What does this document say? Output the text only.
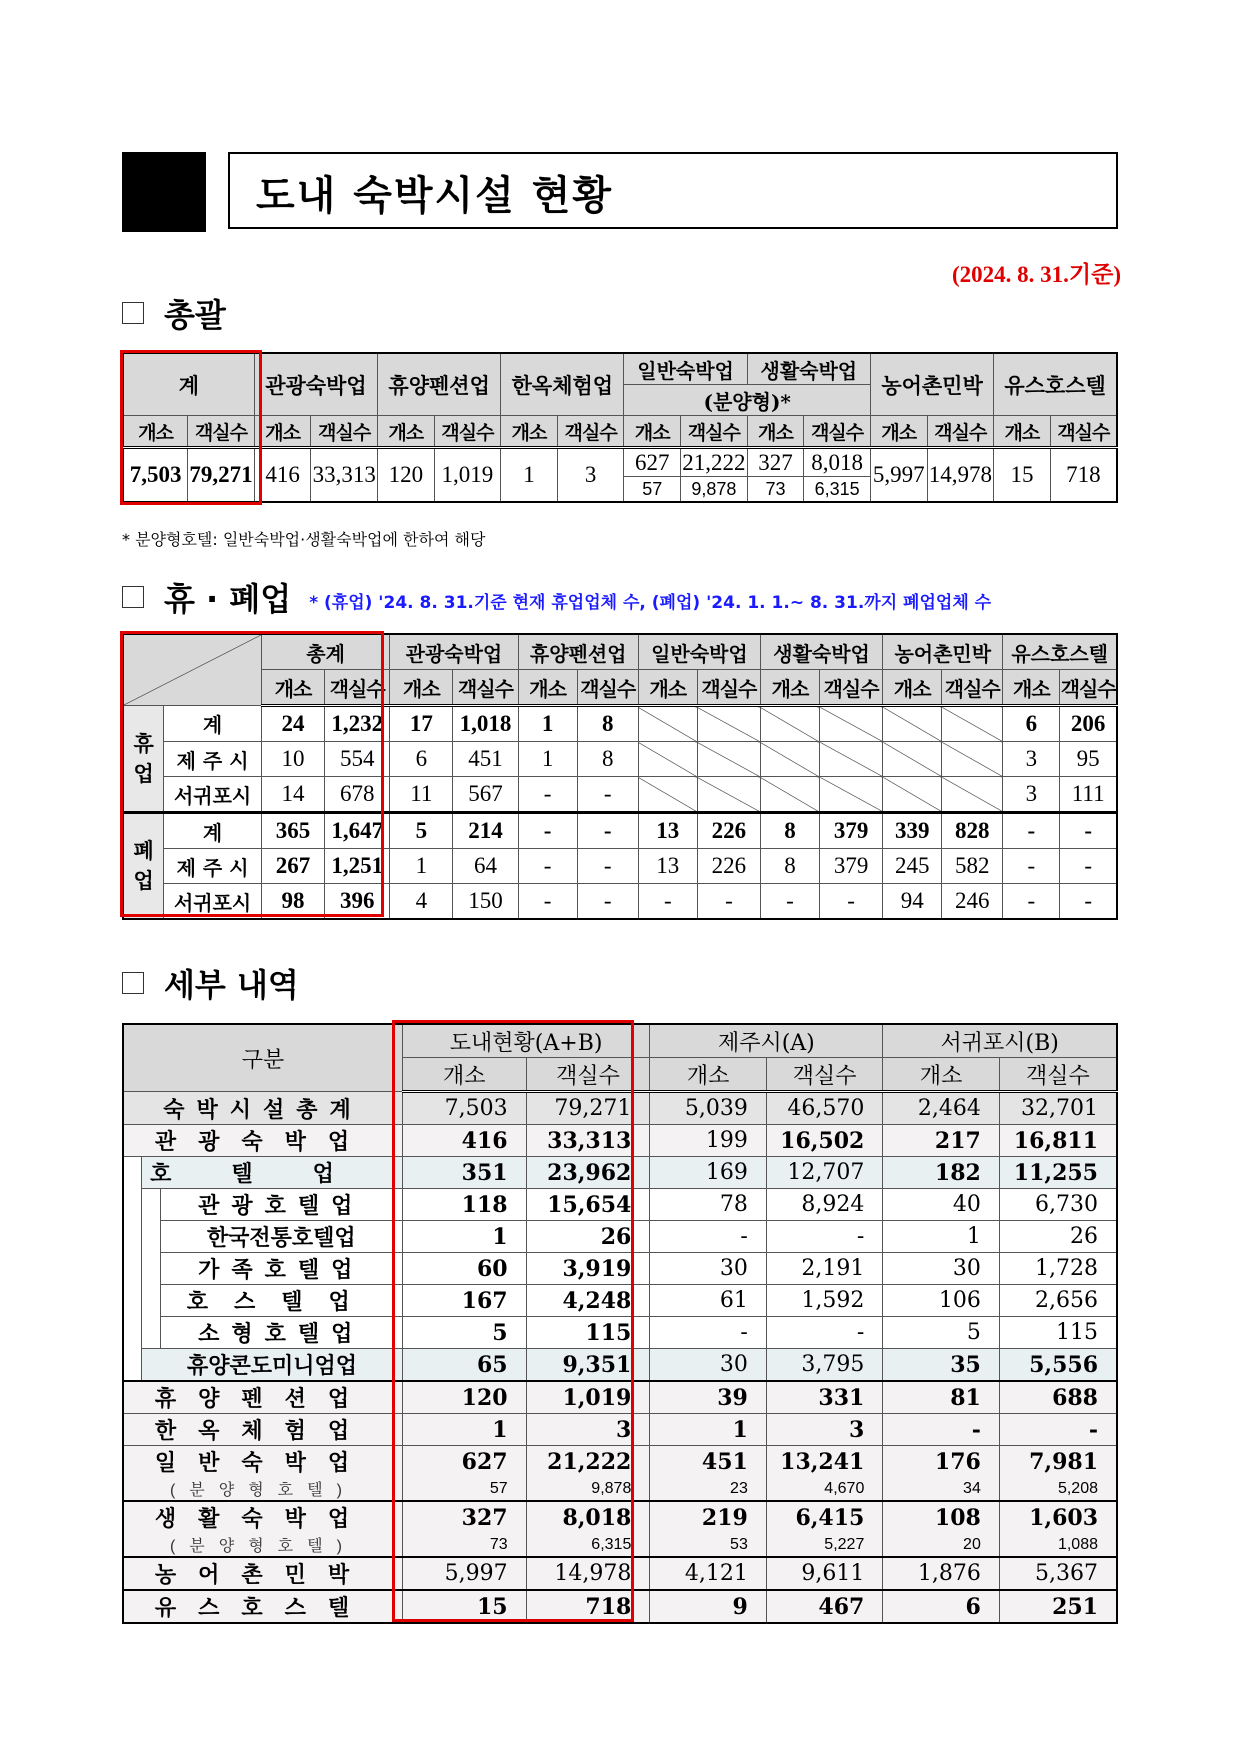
도내 숙박시설 현황
(2024. 8. 31.기준)
총괄
계		관광숙박업		휴양펜션업		한옥체험업		일반숙박업		생활숙박업		농어촌민박		유스호스텔	
								(분양형)*							
개소	객실수	개소	객실수	개소	객실수	개소	객실수	개소	객실수	개소	객실수	개소	객실수	개소	객실수
7,503	79,271	416	33,313	120	1,019	1	3	627	21,222	327	8,018	5,997	14,978	15	718
								57	9,878	73	6,315				
* 분양형호텔: 일반숙박업·생활숙박업에 한하여 해당
휴 · 폐업 * (휴업) '24. 8. 31.기준 현재 휴업업체 수, (폐업) '24. 1. 1.~ 8. 31.까지 폐업업체 수
		총계		관광숙박업		휴양펜션업		일반숙박업		생활숙박업		농어촌민박		유스호스텔	
		개소	객실수	개소	객실수	개소	객실수	개소	객실수	개소	객실수	개소	객실수	개소	객실수
휴업	계	24	1,232	17	1,018	1	8							6	206
	제 주 시	10	554	6	451	1	8							3	95
	서귀포시	14	678	11	567	-	-							3	111
폐업	계	365	1,647	5	214	-	-	13	226	8	379	339	828	-	-
	제 주 시	267	1,251	1	64	-	-	13	226	8	379	245	582	-	-
	서귀포시	98	396	4	150	-	-	-	-	-	-	94	246	-	-
세부 내역
구분			도내현황(A+B)		제주시(A)		서귀포시(B)	
			개소	객실수	개소	객실수	개소	객실수
숙박시설총계			7,503	79,271	5,039	46,570	2,464	32,701
관광숙박업			416	33,313	199	16,502	217	16,811
	호텔업		351	23,962	169	12,707	182	11,255
		관광호텔업	118	15,654	78	8,924	40	6,730
		한국전통호텔업	1	26	-	-	1	26
		가족호텔업	60	3,919	30	2,191	30	1,728
		호스텔업	167	4,248	61	1,592	106	2,656
		소형호텔업	5	115	-	-	5	115
	휴양콘도미니엄업		65	9,351	30	3,795	35	5,556
휴양펜션업			120	1,019	39	331	81	688
한옥체험업			1	3	1	3	-	-
일반숙박업			627	21,222	451	13,241	176	7,981
(분양형호텔)			57	9,878	23	4,670	34	5,208
생활숙박업			327	8,018	219	6,415	108	1,603
(분양형호텔)			73	6,315	53	5,227	20	1,088
농어촌민박			5,997	14,978	4,121	9,611	1,876	5,367
유스호스텔			15	718	9	467	6	251
